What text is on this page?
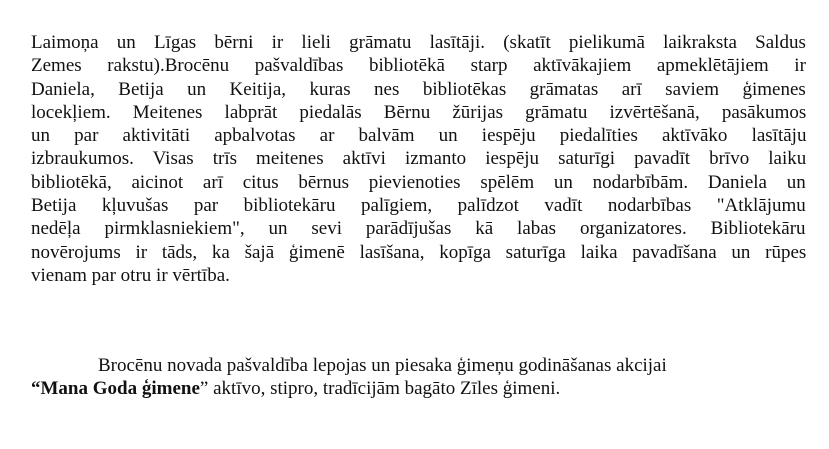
Laimoņa un Līgas bērni ir lieli grāmatu lasītāji. (skatīt pielikumā laikraksta Saldus
Zemes rakstu).Brocēnu pašvaldības bibliotēkā starp aktīvākajiem apmeklētājiem ir
Daniela, Betija un Keitija, kuras nes bibliotēkas grāmatas arī saviem ģimenes
locekļiem. Meitenes labprāt piedalās Bērnu žūrijas grāmatu izvērtēšanā, pasākumos
un par aktivitāti apbalvotas ar balvām un iespēju piedalīties aktīvāko lasītāju
izbraukumos. Visas trīs meitenes aktīvi izmanto iespēju saturīgi pavadīt brīvo laiku
bibliotēkā, aicinot arī citus bērnus pievienoties spēlēm un nodarbībām. Daniela un
Betija kļuvušas par bibliotekāru palīgiem, palīdzot vadīt nodarbības "Atklājumu
nedēļa pirmklasniekiem", un sevi parādījušas kā labas organizatores. Bibliotekāru
novērojums ir tāds, ka šajā ģimenē lasīšana, kopīga saturīga laika pavadīšana un rūpes
vienam par otru ir vērtība.
Brocēnu novada pašvaldība lepojas un piesaka ģimeņu godināšanas akcijai
“Mana Goda ģimene” aktīvo, stipro, tradīcijām bagāto Zīles ģimeni.
